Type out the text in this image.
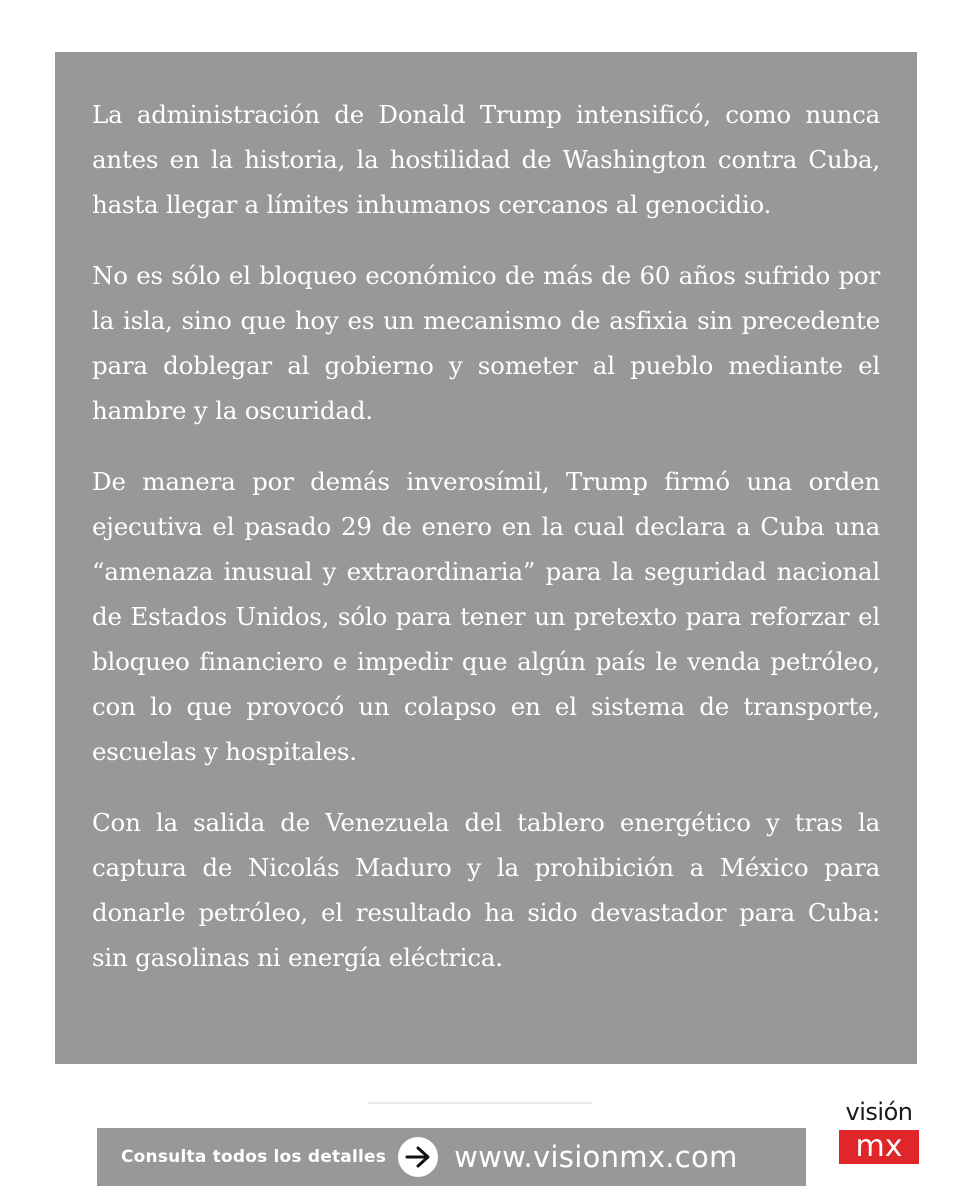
La administración de Donald Trump intensificó, como nunca antes en la historia, la hostilidad de Washington contra Cuba, hasta llegar a límites inhumanos cercanos al genocidio.

No es sólo el bloqueo económico de más de 60 años sufrido por la isla, sino que hoy es un mecanismo de asfixia sin precedente para doblegar al gobierno y someter al pueblo mediante el hambre y la oscuridad.

De manera por demás inverosímil, Trump firmó una orden ejecutiva el pasado 29 de enero en la cual declara a Cuba una “amenaza inusual y extraordinaria” para la seguridad nacional de Estados Unidos, sólo para tener un pretexto para reforzar el bloqueo financiero e impedir que algún país le venda petróleo, con lo que provocó un colapso en el sistema de transporte, escuelas y hospitales.

Con la salida de Venezuela del tablero energético y tras la captura de Nicolás Maduro y la prohibición a México para donarle petróleo, el resultado ha sido devastador para Cuba: sin gasolinas ni energía eléctrica.

Consulta todos los detalles www.visionmx.com
visión
mx
